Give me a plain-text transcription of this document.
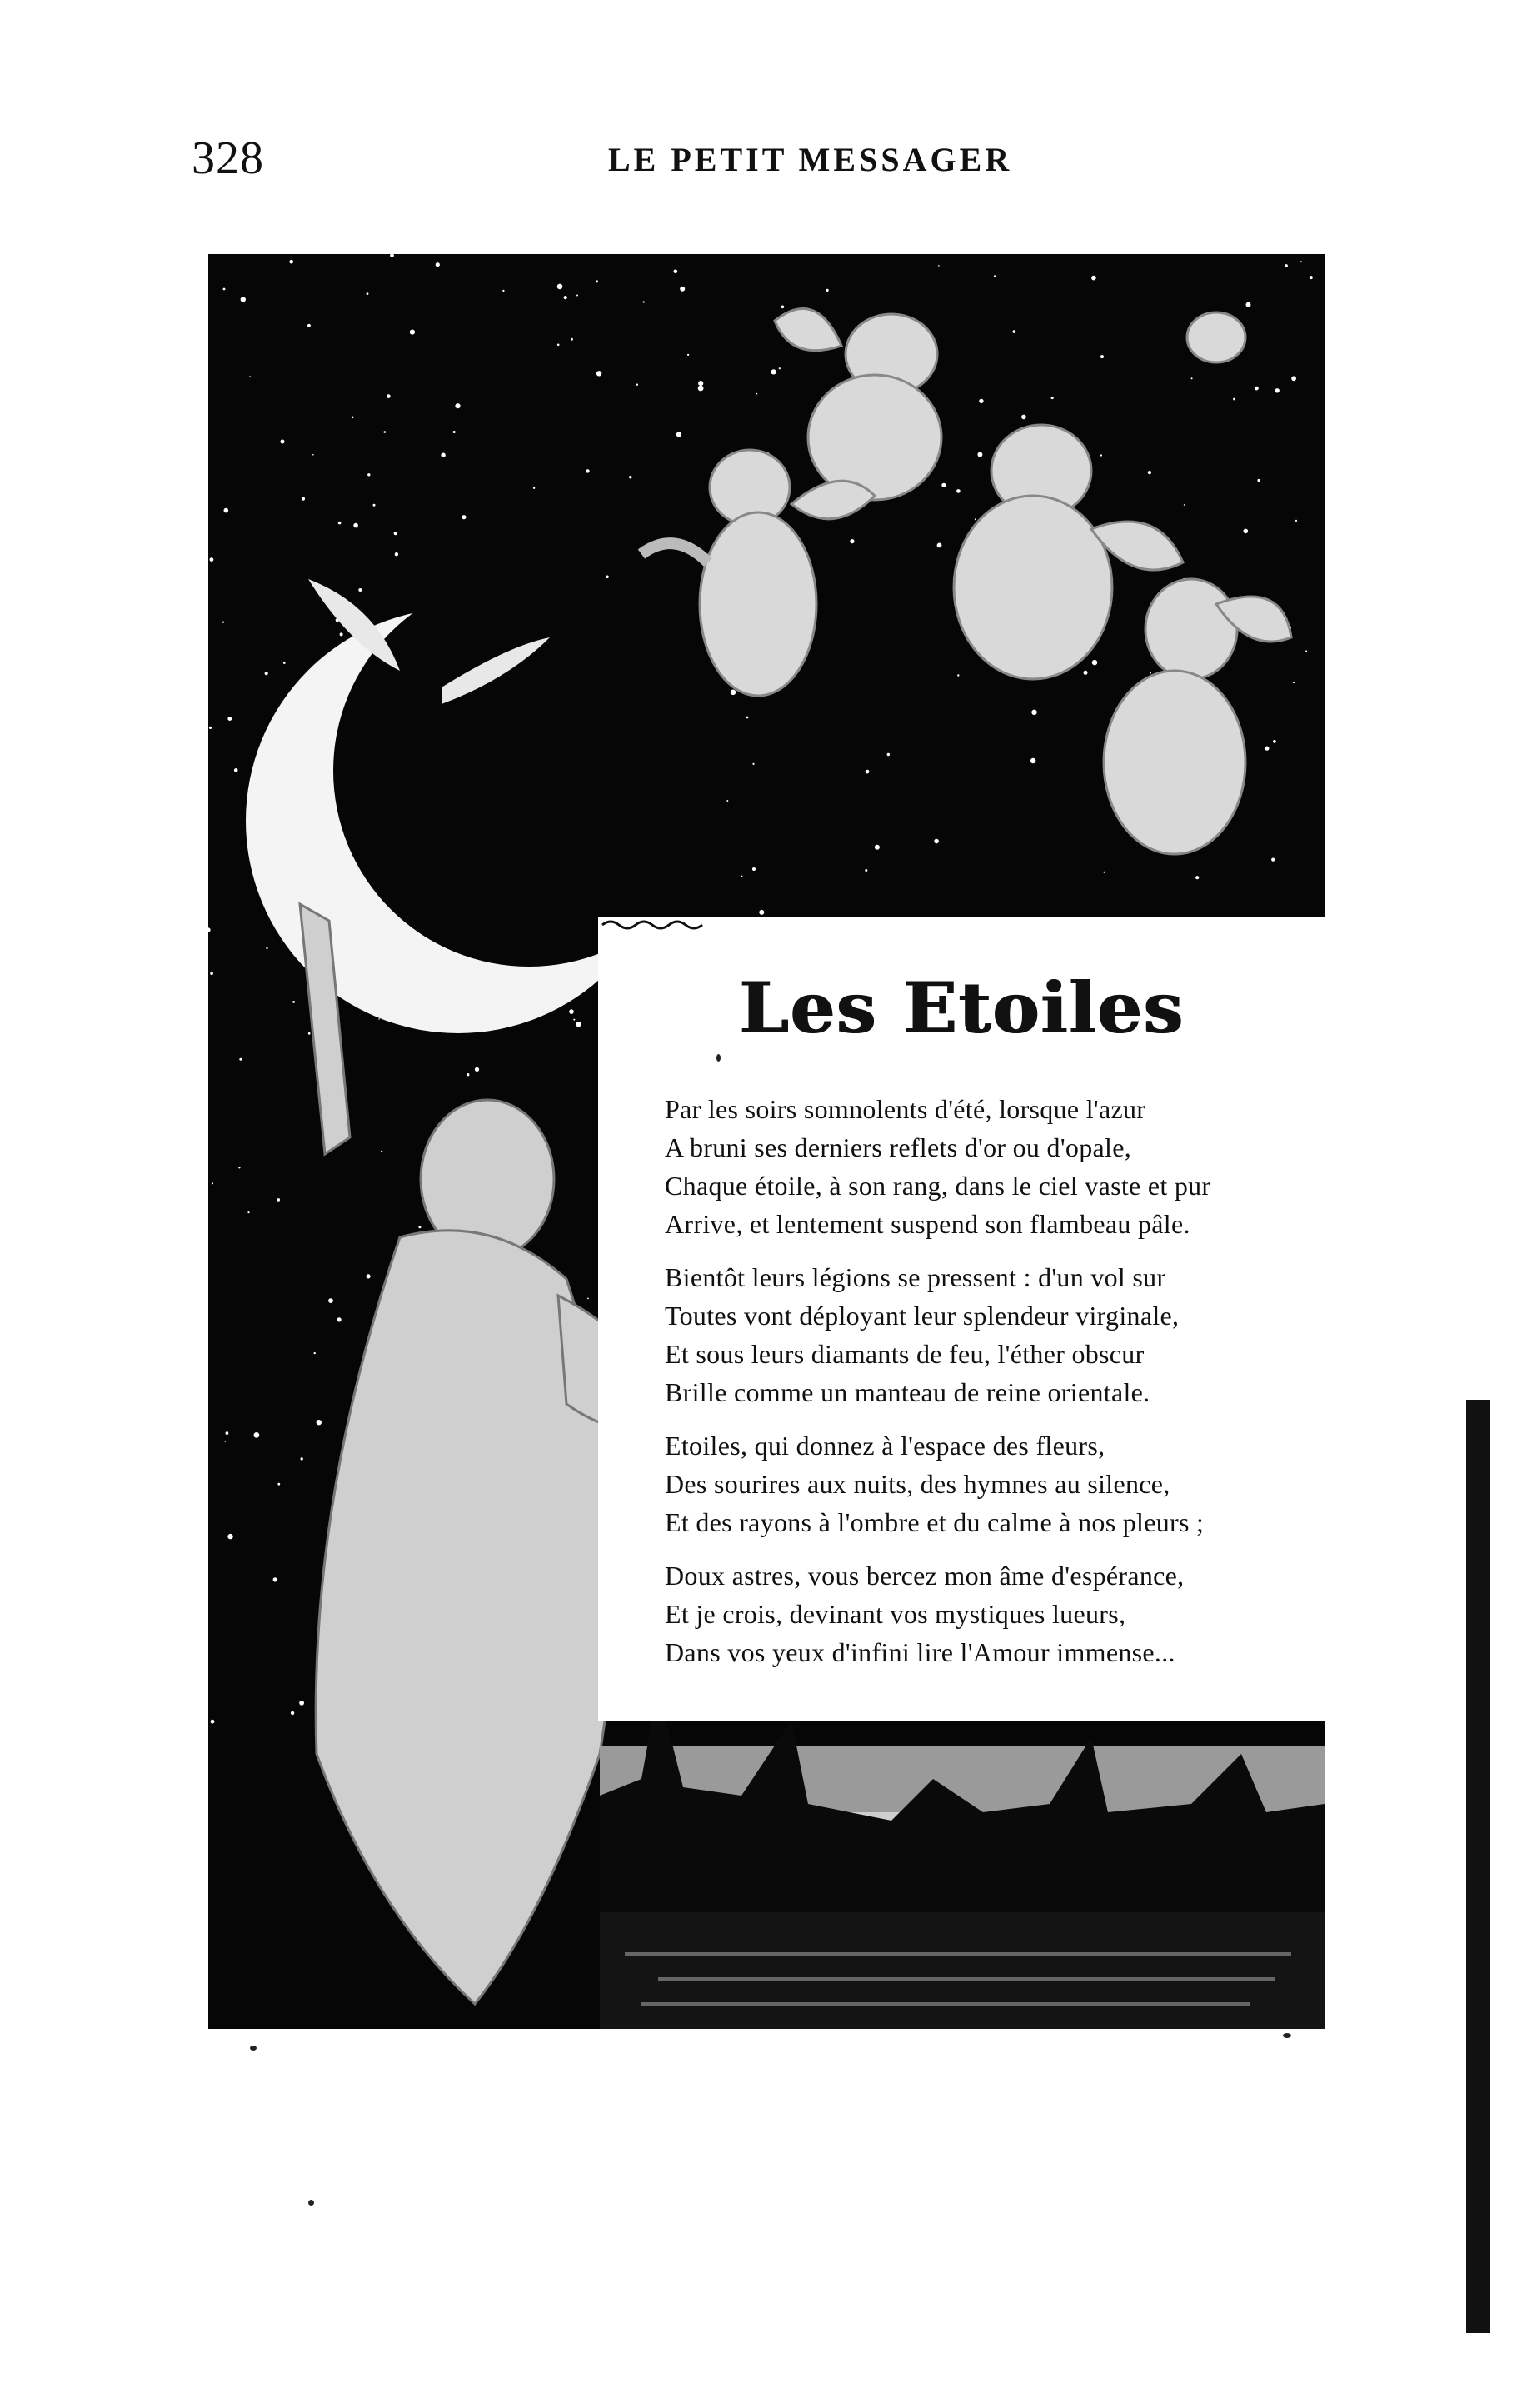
328	LE PETIT MESSAGER
Les Etoiles
Par les soirs somnolents d'été, lorsque l'azur
A bruni ses derniers reflets d'or ou d'opale,
Chaque étoile, à son rang, dans le ciel vaste et pur
Arrive, et lentement suspend son flambeau pâle.
Bientôt leurs légions se pressent : d'un vol sur
Toutes vont déployant leur splendeur virginale,
Et sous leurs diamants de feu, l'éther obscur
Brille comme un manteau de reine orientale.
Etoiles, qui donnez à l'espace des fleurs,
Des sourires aux nuits, des hymnes au silence,
Et des rayons à l'ombre et du calme à nos pleurs ;
Doux astres, vous bercez mon âme d'espérance,
Et je crois, devinant vos mystiques lueurs,
Dans vos yeux d'infini lire l'Amour immense...
